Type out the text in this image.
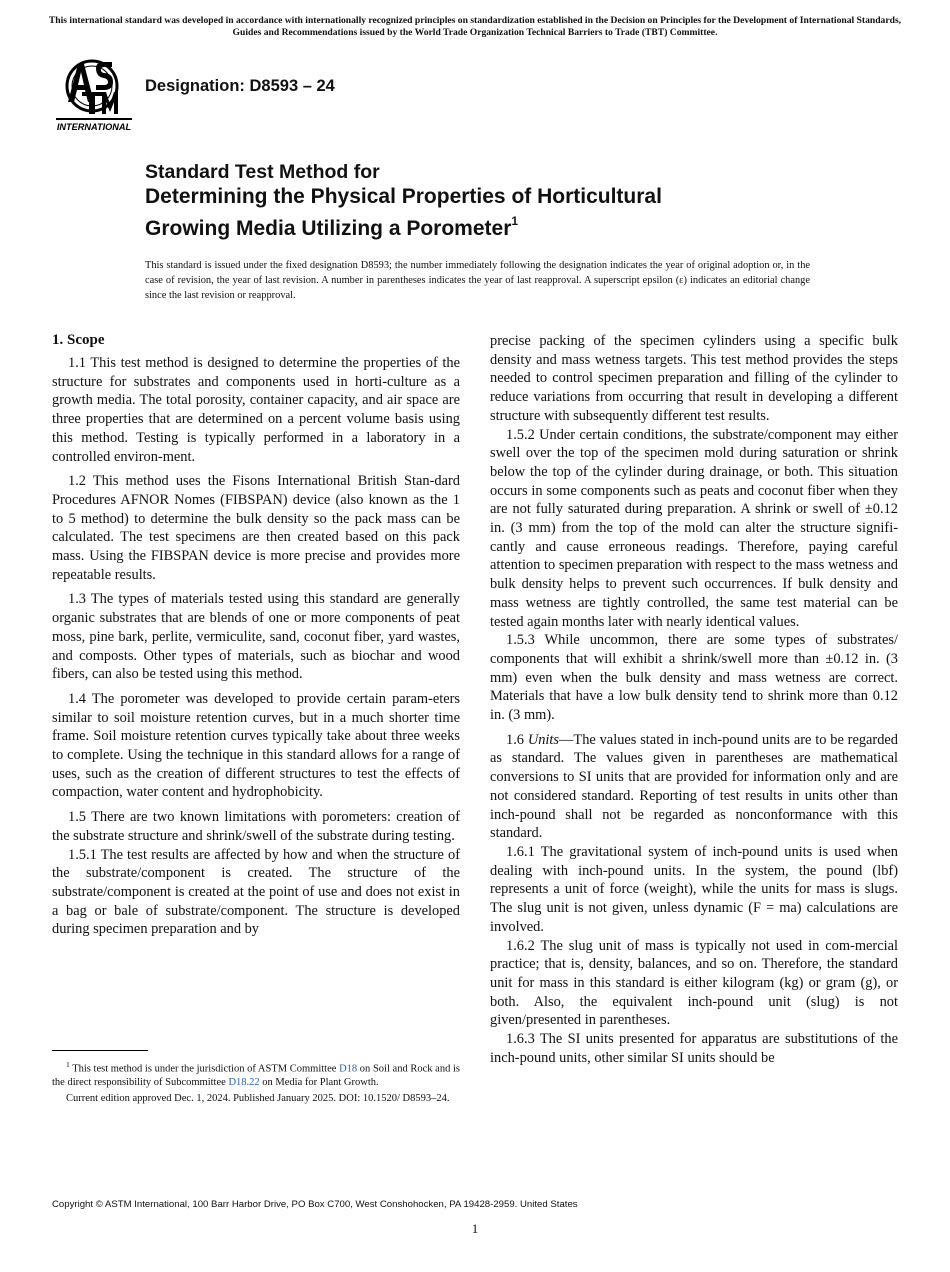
This international standard was developed in accordance with internationally recognized principles on standardization established in the Decision on Principles for the Development of International Standards, Guides and Recommendations issued by the World Trade Organization Technical Barriers to Trade (TBT) Committee.
INTERNATIONAL
Designation: D8593 – 24
Standard Test Method for
Determining the Physical Properties of Horticultural
Growing Media Utilizing a Porometer$^1$
This standard is issued under the fixed designation D8593; the number immediately following the designation indicates the year of original adoption or, in the case of revision, the year of last revision. A number in parentheses indicates the year of last reapproval. A superscript epsilon (ε) indicates an editorial change since the last revision or reapproval.
1. Scope

1.1 This test method is designed to determine the properties of the structure for substrates and components used in horti-culture as a growth media. The total porosity, container capacity, and air space are three properties that are determined on a percent volume basis using this method. Testing is typically performed in a laboratory in a controlled environ-ment.

1.2 This method uses the Fisons International British Stan-dard Procedures AFNOR Nomes (FIBSPAN) device (also known as the 1 to 5 method) to determine the bulk density so the pack mass can be calculated. The test specimens are then created based on this pack mass. Using the FIBSPAN device is more precise and provides more repeatable results.

1.3 The types of materials tested using this standard are generally organic substrates that are blends of one or more components of peat moss, pine bark, perlite, vermiculite, sand, coconut fiber, yard wastes, and composts. Other types of materials, such as biochar and wood fibers, can also be tested using this method.

1.4 The porometer was developed to provide certain param-eters similar to soil moisture retention curves, but in a much shorter time frame. Soil moisture retention curves typically take about three weeks to complete. Using the technique in this standard allows for a range of uses, such as the creation of different structures to test the effects of compaction, water content and hydrophobicity.

1.5 There are two known limitations with porometers: creation of the substrate structure and shrink/swell of the substrate during testing.

1.5.1 The test results are affected by how and when the structure of the substrate/component is created. The structure of the substrate/component is created at the point of use and does not exist in a bag or bale of substrate/component. The structure is developed during specimen preparation and by

precise packing of the specimen cylinders using a specific bulk density and mass wetness targets. This test method provides the steps needed to control specimen preparation and filling of the cylinder to reduce variations from occurring that result in developing a different structure with subsequently different test results.

1.5.2 Under certain conditions, the substrate/component may either swell over the top of the specimen mold during saturation or shrink below the top of the cylinder during drainage, or both. This situation occurs in some components such as peats and coconut fiber when they are not fully saturated during preparation. A shrink or swell of ±0.12 in. (3 mm) from the top of the mold can alter the structure signifi-cantly and cause erroneous readings. Therefore, paying careful attention to specimen preparation with respect to the mass wetness and bulk density helps to prevent such occurrences. If bulk density and mass wetness are tightly controlled, the same test material can be tested again months later with nearly identical values.

1.5.3 While uncommon, there are some types of substrates/ components that will exhibit a shrink/swell more than ±0.12 in. (3 mm) even when the bulk density and mass wetness are correct. Materials that have a low bulk density tend to shrink more than 0.12 in. (3 mm).

1.6 Units—The values stated in inch-pound units are to be regarded as standard. The values given in parentheses are mathematical conversions to SI units that are provided for information only and are not considered standard. Reporting of test results in units other than inch-pound shall not be regarded as nonconformance with this standard.

1.6.1 The gravitational system of inch-pound units is used when dealing with inch-pound units. In the system, the pound (lbf) represents a unit of force (weight), while the units for mass is slugs. The slug unit is not given, unless dynamic (F = ma) calculations are involved.

1.6.2 The slug unit of mass is typically not used in com-mercial practice; that is, density, balances, and so on. Therefore, the standard unit for mass in this standard is either kilogram (kg) or gram (g), or both. Also, the equivalent inch-pound unit (slug) is not given/presented in parentheses.

1.6.3 The SI units presented for apparatus are substitutions of the inch-pound units, other similar SI units should be

$^1$ This test method is under the jurisdiction of ASTM Committee D18 on Soil and Rock and is the direct responsibility of Subcommittee D18.22 on Media for Plant Growth.

Current edition approved Dec. 1, 2024. Published January 2025. DOI: 10.1520/ D8593–24.

Copyright © ASTM International, 100 Barr Harbor Drive, PO Box C700, West Conshohocken, PA 19428-2959. United States
1
